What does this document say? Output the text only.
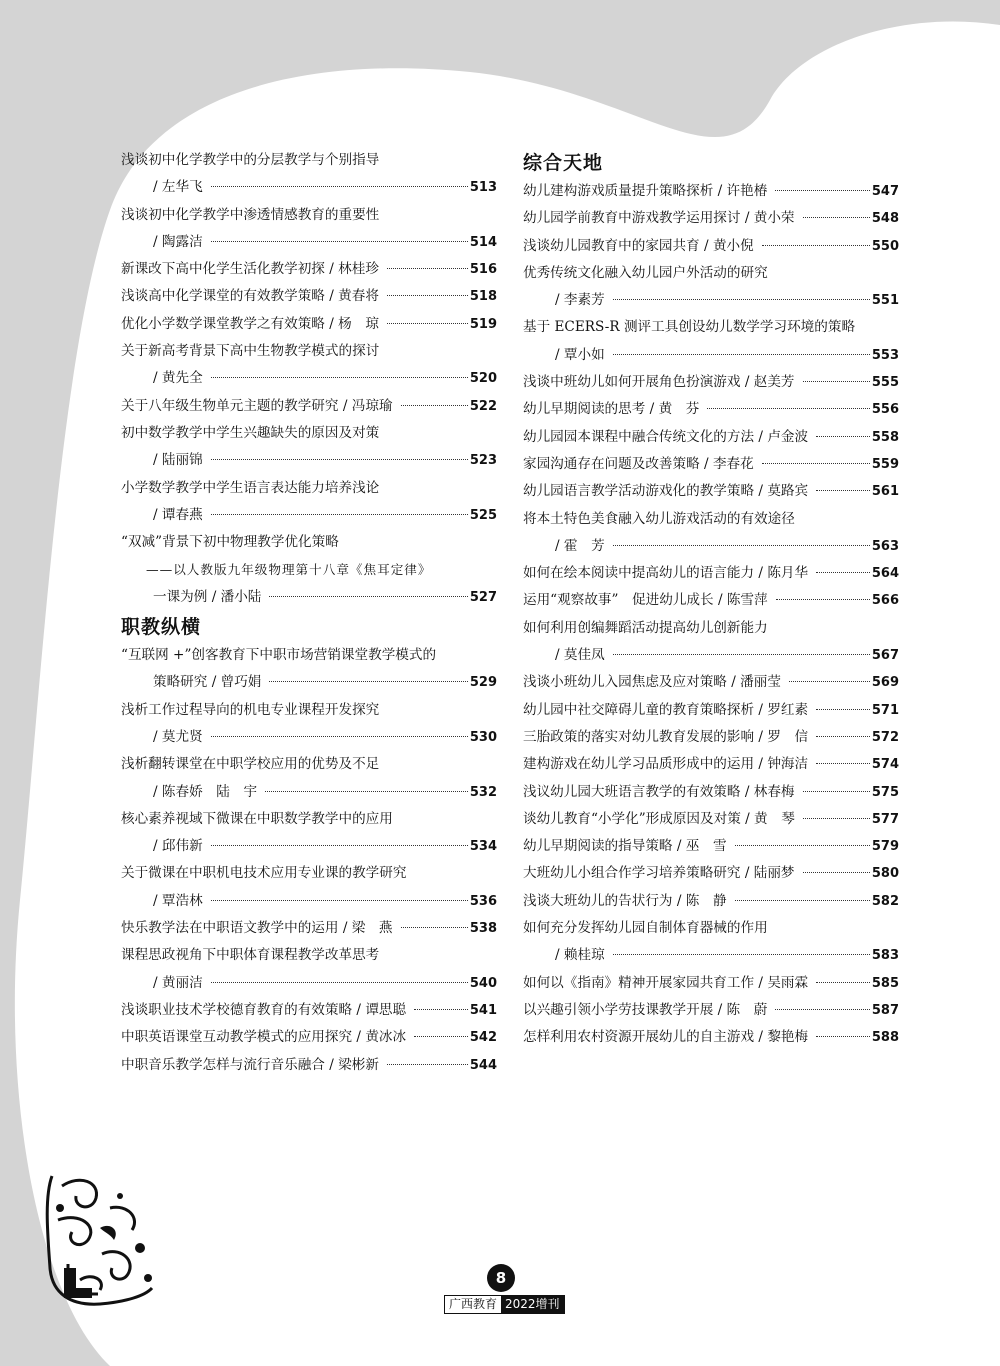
浅谈初中化学教学中的分层教学与个别指导
/ 左华飞	513
浅谈初中化学教学中渗透情感教育的重要性
/ 陶露洁	514
新课改下高中化学生活化教学初探 / 林桂珍	516
浅谈高中化学课堂的有效教学策略 / 黄春将	518
优化小学数学课堂教学之有效策略 / 杨　琼	519
关于新高考背景下高中生物教学模式的探讨
/ 黄先全	520
关于八年级生物单元主题的教学研究 / 冯琼瑜	522
初中数学教学中学生兴趣缺失的原因及对策
/ 陆丽锦	523
小学数学教学中学生语言表达能力培养浅论
/ 谭春燕	525
“双减”背景下初中物理教学优化策略
——以人教版九年级物理第十八章《焦耳定律》
一课为例 / 潘小陆	527
职教纵横
“互联网 +”创客教育下中职市场营销课堂教学模式的
策略研究 / 曾巧娟	529
浅析工作过程导向的机电专业课程开发探究
/ 莫尤贤	530
浅析翻转课堂在中职学校应用的优势及不足
/ 陈春娇　陆　宇	532
核心素养视域下微课在中职数学教学中的应用
/ 邱伟新	534
关于微课在中职机电技术应用专业课的教学研究
/ 覃浩林	536
快乐教学法在中职语文教学中的运用 / 梁　燕	538
课程思政视角下中职体育课程教学改革思考
/ 黄丽洁	540
浅谈职业技术学校德育教育的有效策略 / 谭思聪	541
中职英语课堂互动教学模式的应用探究 / 黄冰冰	542
中职音乐教学怎样与流行音乐融合 / 梁彬新	544
综合天地
幼儿建构游戏质量提升策略探析 / 许艳椿	547
幼儿园学前教育中游戏教学运用探讨 / 黄小荣	548
浅谈幼儿园教育中的家园共育 / 黄小倪	550
优秀传统文化融入幼儿园户外活动的研究
/ 李素芳	551
基于 ECERS-R 测评工具创设幼儿数学学习环境的策略
/ 覃小如	553
浅谈中班幼儿如何开展角色扮演游戏 / 赵美芳	555
幼儿早期阅读的思考 / 黄　芬	556
幼儿园园本课程中融合传统文化的方法 / 卢金波	558
家园沟通存在问题及改善策略 / 李春花	559
幼儿园语言教学活动游戏化的教学策略 / 莫路宾	561
将本土特色美食融入幼儿游戏活动的有效途径
/ 霍　芳	563
如何在绘本阅读中提高幼儿的语言能力 / 陈月华	564
运用“观察故事”　促进幼儿成长 / 陈雪萍	566
如何利用创编舞蹈活动提高幼儿创新能力
/ 莫佳凤	567
浅谈小班幼儿入园焦虑及应对策略 / 潘丽莹	569
幼儿园中社交障碍儿童的教育策略探析 / 罗红素	571
三胎政策的落实对幼儿教育发展的影响 / 罗　信	572
建构游戏在幼儿学习品质形成中的运用 / 钟海洁	574
浅议幼儿园大班语言教学的有效策略 / 林春梅	575
谈幼儿教育“小学化”形成原因及对策 / 黄　琴	577
幼儿早期阅读的指导策略 / 巫　雪	579
大班幼儿小组合作学习培养策略研究 / 陆丽梦	580
浅谈大班幼儿的告状行为 / 陈　静	582
如何充分发挥幼儿园自制体育器械的作用
/ 赖桂琼	583
如何以《指南》精神开展家园共育工作 / 吴雨霖	585
以兴趣引领小学劳技课教学开展 / 陈　蔚	587
怎样利用农村资源开展幼儿的自主游戏 / 黎艳梅	588
8
广西教育 2022增刊
